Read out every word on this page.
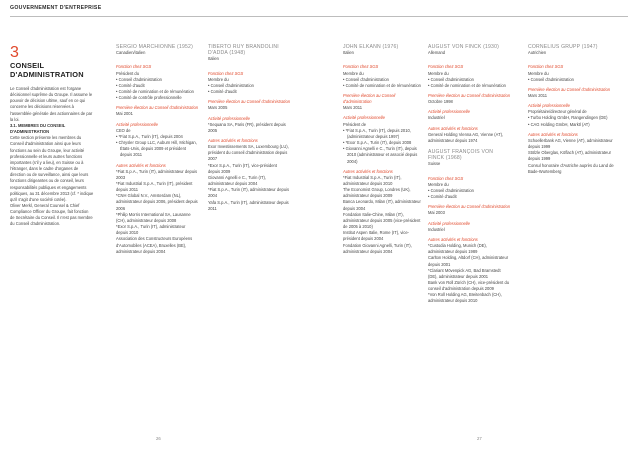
GOUVERNEMENT D'ENTREPRISE
3
CONSEIL
D'ADMINISTRATION

Le Conseil d'administration est l'organe décisionnel suprême du Groupe. Il assume le pouvoir de décision ultime, sauf en ce qui concerne les décisions réservées à l'assemblée générale des actionnaires de par la loi.

3.1. MEMBRES DU CONSEIL
D'ADMINISTRATION

Cette section présente les membres du Conseil d'administration ainsi que leurs fonctions au sein du Groupe, leur activité professionnelle et leurs autres fonctions importantes (s'il y a lieu), en Suisse ou à l'étranger, dans le cadre d'organes de direction ou de surveillance, ainsi que leurs fonctions dirigeantes ou de conseil, leurs responsabilités publiques et engagements politiques, au 31 décembre 2013 (cf. * indique qu'il s'agit d'une société cotée).

Oliver Merkl, General Counsel & Chief Compliance Officer du Groupe, fait fonction de Secrétaire du Conseil. Il n'est pas membre du Conseil d'administration.

SERGIO MARCHIONNE (1952)
Canadien/italien
Fonction chez SGS
Président du
• Conseil d'administration
• Comité d'audit
• Comité de nomination et de rémunération
• Comité de contrôle professionnelle
Première élection au Conseil d'administration
Mai 2001
Activité professionnelle
CEO de
• *Fiat S.p.A., Turin (IT), depuis 2004
• Chrysler Group LLC, Auburn Hill, Michigan, États-Unis, depuis 2009 et président depuis 2011
Autres activités et fonctions
*Fiat S.p.A., Turin (IT), administrateur depuis 2003
*Fiat Industrial S.p.A., Turin (IT), président depuis 2011
*CNH Global N.V., Amsterdam (NL), administrateur depuis 2006, président depuis 2006
*Philip Morris International SA, Lausanne (CH), administrateur depuis 2008
*Exor S.p.A., Turin (IT), administrateur depuis 2010
Association des Constructeurs Européens d'Automobiles (ACEA), Bruxelles (BE), administrateur depuis 2004
TIBERTO RUY BRANDOLINI D'ADDA (1948)
Italien
Fonction chez SGS
Membre du
• Conseil d'administration
• Comité d'audit
Première élection au Conseil d'administration
Mars 2005
Activité professionnelle
*Sequana SA, Paris (FR), président depuis 2005
Autres activités et fonctions
Exor Investissements SA, Luxembourg (LU), président du conseil d'administration depuis 2007
*Exor S.p.A., Turin (IT), vice-président depuis 2009
Giovanni Agnelli e C., Turin (IT), administrateur depuis 2004
*Fiat S.p.A., Turin (IT), administrateur depuis 2004
Yafa S.p.A., Turin (IT), administrateur depuis 2011
JOHN ELKANN (1976)
Italien
Fonction chez SGS
Membre du
• Conseil d'administration
• Comité de nomination et de rémunération
Première élection au Conseil d'administration
Mars 2011
Activité professionnelle
Président de
• *Fiat S.p.A., Turin (IT), depuis 2010, (administrateur depuis 1997)
• *Exor S.p.A., Turin (IT), depuis 2008
• Giovanni Agnelli e C., Turin (IT), depuis 2010 (administrateur et associé depuis 2004)
Autres activités et fonctions
*Fiat Industrial S.p.A., Turin (IT), administrateur depuis 2010
The Economist Group, Londres (UK), administrateur depuis 2009
Banca Leonardo, Milan (IT), administrateur depuis 2004
Fondation Italie-Chine, Milan (IT), administrateur depuis 2005 (vice-président de 2005 à 2010)
Institut Aspen Italie, Rome (IT), vice-président depuis 2004
Fondation Giovanni Agnelli, Turin (IT), administrateur depuis 2004
AUGUST VON FINCK (1930)
Allemand
Fonction chez SGS
Membre du
• Conseil d'administration
• Comité de nomination et de rémunération
Première élection au Conseil d'administration
Octobre 1998
Activité professionnelle
Industriel
Autres activités et fonctions
General Holding Vienna AG, Vienne (AT), administrateur depuis 1974
AUGUST FRANÇOIS VON FINCK (1968)
Suisse
Fonction chez SGS
Membre du
• Conseil d'administration
• Comité d'audit
Première élection au Conseil d'administration
Mai 2003
Activité professionnelle
Industriel
Autres activités et fonctions
*Custodia Holding, Munich (DE), administrateur depuis 1989
Carlton Holding, Altdorf (CH), administrateur depuis 2001
*Clariant Mövenpick AG, Bad Bramstedt (DE), administrateur depuis 2001
Bank von Roll Zürich (CH), vice-président du conseil d'administration depuis 2009
*Von Roll Holding AG, Breitenbach (CH), administrateur depuis 2010
CORNELIUS GRUPP (1947)
Autrichien
Fonction chez SGS
Membre du
• Conseil d'administration
Première élection au Conseil d'administration
Mars 2011
Activité professionnelle
Propriétaire/directeur général de
• Turbo Holding GmbH, Rangendingen (DE)
• CAG Holding GmbH, Marktl (AT)
Autres activités et fonctions
Schoellerbank AG, Vienne (AT), administrateur depuis 1999
Stölzle Oberglas, Köflach (AT), administrateur depuis 1999
Consul honoraire d'Autriche auprès du Land de Bade-Wurtemberg
26	27
